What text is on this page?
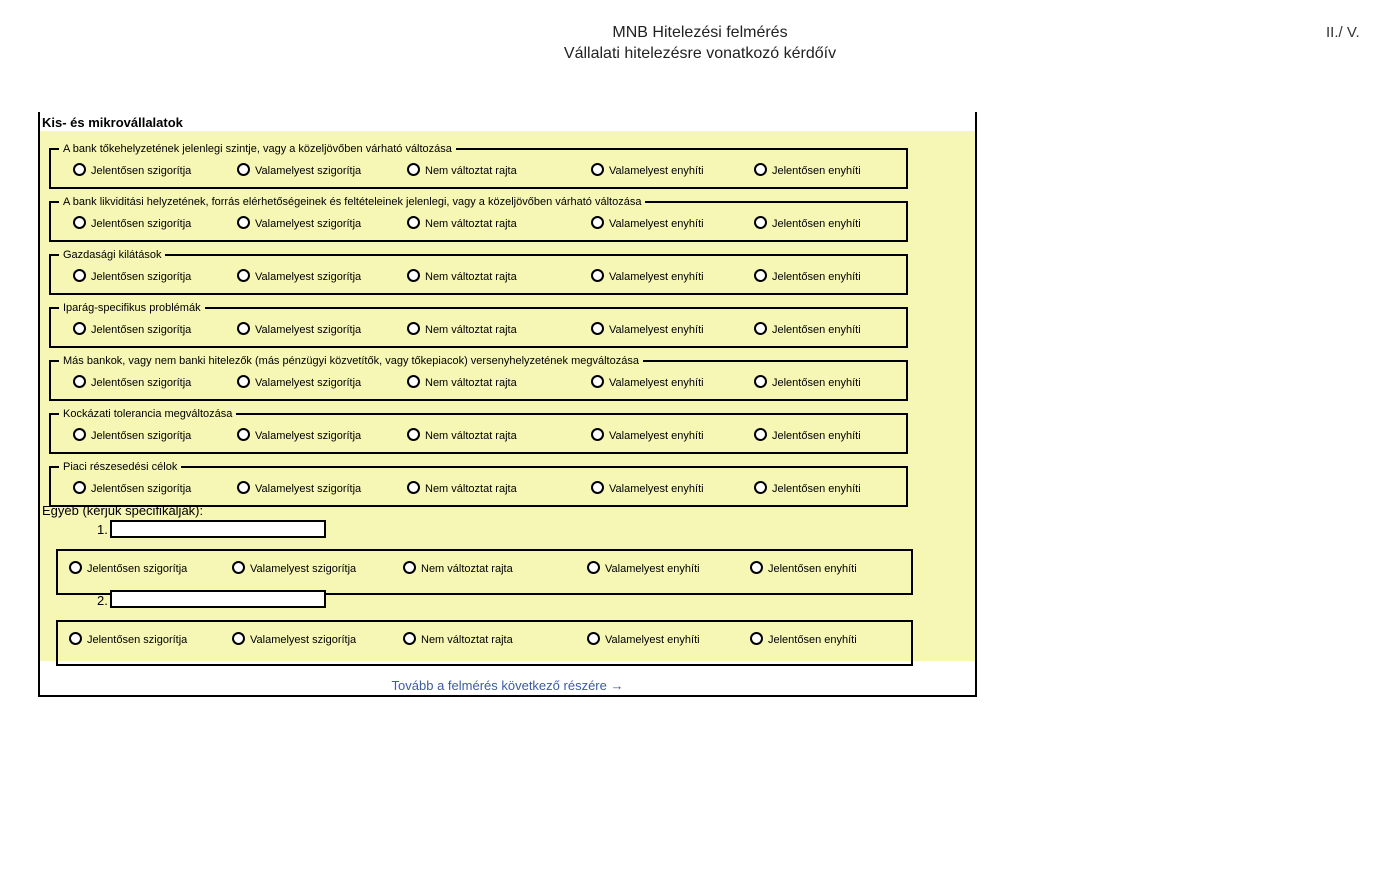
MNB Hitelezési felmérés
Vállalati hitelezésre vonatkozó kérdőív
II./ V.
Kis- és mikrovállalatok
A bank tőkehelyzetének jelenlegi szintje, vagy a közeljövőben várható változása
Jelentősen szigorítja	Valamelyest szigorítja	Nem változtat rajta	Valamelyest enyhíti	Jelentősen enyhíti
A bank likviditási helyzetének, forrás elérhetőségeinek és feltételeinek jelenlegi, vagy a közeljövőben várható változása
Jelentősen szigorítja	Valamelyest szigorítja	Nem változtat rajta	Valamelyest enyhíti	Jelentősen enyhíti
Gazdasági kilátások
Jelentősen szigorítja	Valamelyest szigorítja	Nem változtat rajta	Valamelyest enyhíti	Jelentősen enyhíti
Iparág-specifikus problémák
Jelentősen szigorítja	Valamelyest szigorítja	Nem változtat rajta	Valamelyest enyhíti	Jelentősen enyhíti
Más bankok, vagy nem banki hitelezők (más pénzügyi közvetítők, vagy tőkepiacok) versenyhelyzetének megváltozása
Jelentősen szigorítja	Valamelyest szigorítja	Nem változtat rajta	Valamelyest enyhíti	Jelentősen enyhíti
Kockázati tolerancia megváltozása
Jelentősen szigorítja	Valamelyest szigorítja	Nem változtat rajta	Valamelyest enyhíti	Jelentősen enyhíti
Piaci részesedési célok
Jelentősen szigorítja	Valamelyest szigorítja	Nem változtat rajta	Valamelyest enyhíti	Jelentősen enyhíti
Egyéb (kérjük specifikálják):
1.
Jelentősen szigorítja	Valamelyest szigorítja	Nem változtat rajta	Valamelyest enyhíti	Jelentősen enyhíti
2.
Jelentősen szigorítja	Valamelyest szigorítja	Nem változtat rajta	Valamelyest enyhíti	Jelentősen enyhíti
Tovább a felmérés következő részére →
